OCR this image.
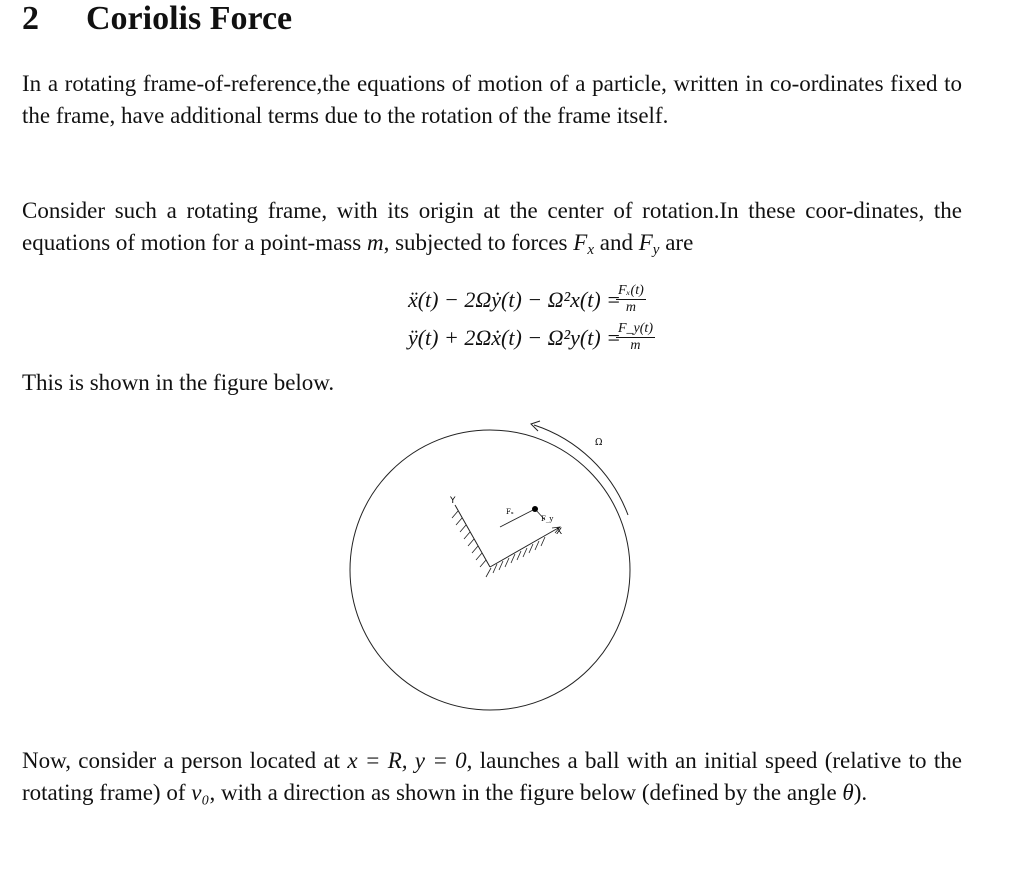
2 Coriolis Force
In a rotating frame-of-reference,the equations of motion of a particle, written in co-ordinates fixed to the frame, have additional terms due to the rotation of the frame itself.
Consider such a rotating frame, with its origin at the center of rotation.In these coor-dinates, the equations of motion for a point-mass m, subjected to forces $F_x$ and $F_y$ are
ẍ(t) − 2Ωẏ(t) − Ω²x(t) =
$\frac{\text{Fₓ(t)}}{m}$
ÿ(t) + 2Ωẋ(t) − Ω²y(t) =
$\frac{F\_y(t)}{m}$
This is shown in the figure below.
Ω
Y
X
Fₓ
F_y
Now, consider a person located at x = R, y = 0, launches a ball with an initial speed (relative to the rotating frame) of v₀, with a direction as shown in the figure below (defined by the angle θ).
